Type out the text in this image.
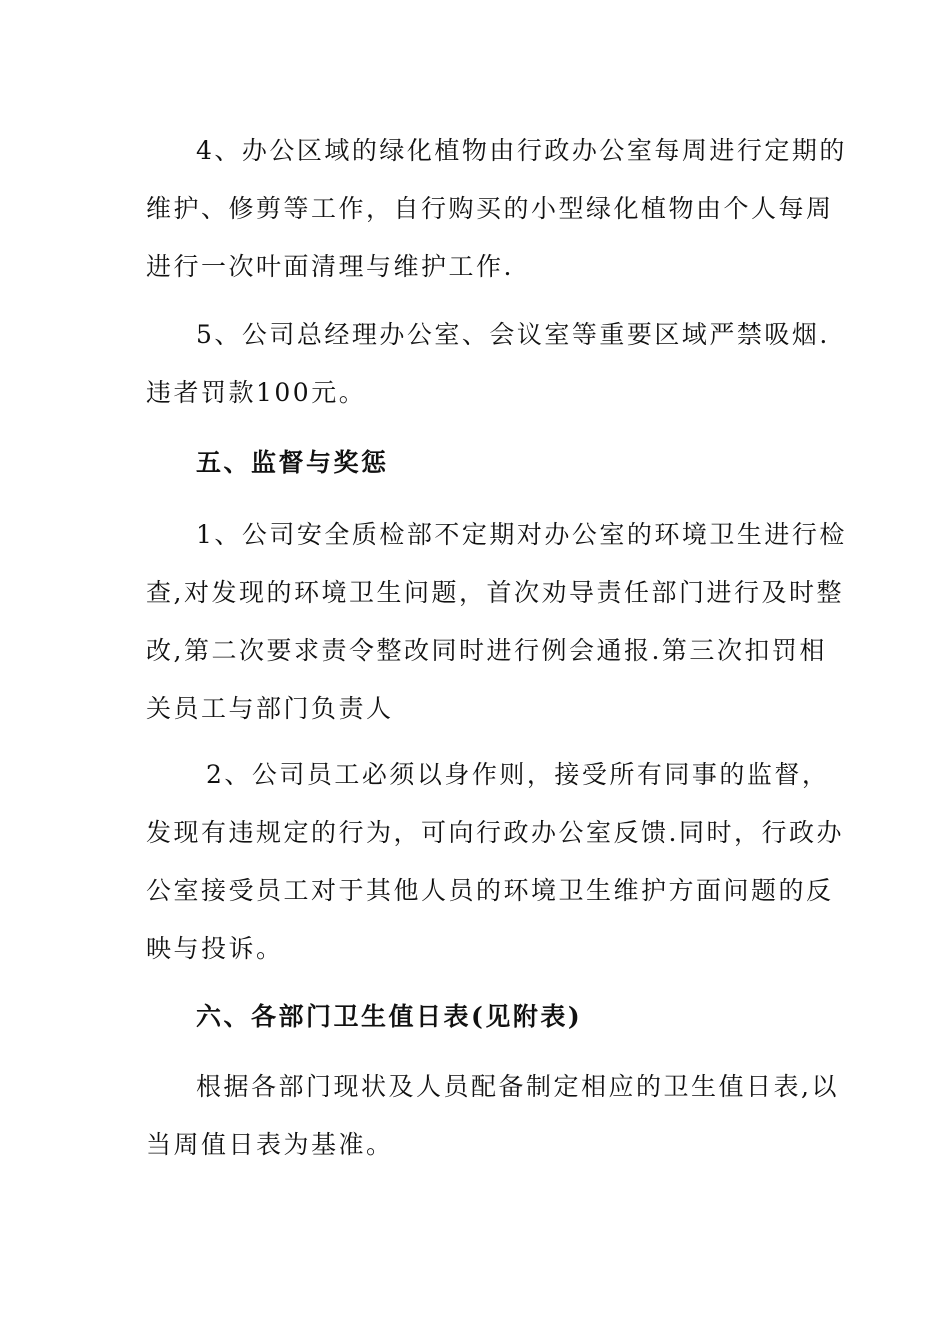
4、办公区域的绿化植物由行政办公室每周进行定期的
维护、修剪等工作，自行购买的小型绿化植物由个人每周
进行一次叶面清理与维护工作.
5、公司总经理办公室、会议室等重要区域严禁吸烟.
违者罚款100元。
五、监督与奖惩
1、公司安全质检部不定期对办公室的环境卫生进行检
查,对发现的环境卫生问题，首次劝导责任部门进行及时整
改,第二次要求责令整改同时进行例会通报.第三次扣罚相
关员工与部门负责人
2、公司员工必须以身作则，接受所有同事的监督，
发现有违规定的行为，可向行政办公室反馈.同时，行政办
公室接受员工对于其他人员的环境卫生维护方面问题的反
映与投诉。
六、各部门卫生值日表(见附表)
根据各部门现状及人员配备制定相应的卫生值日表,以
当周值日表为基准。
